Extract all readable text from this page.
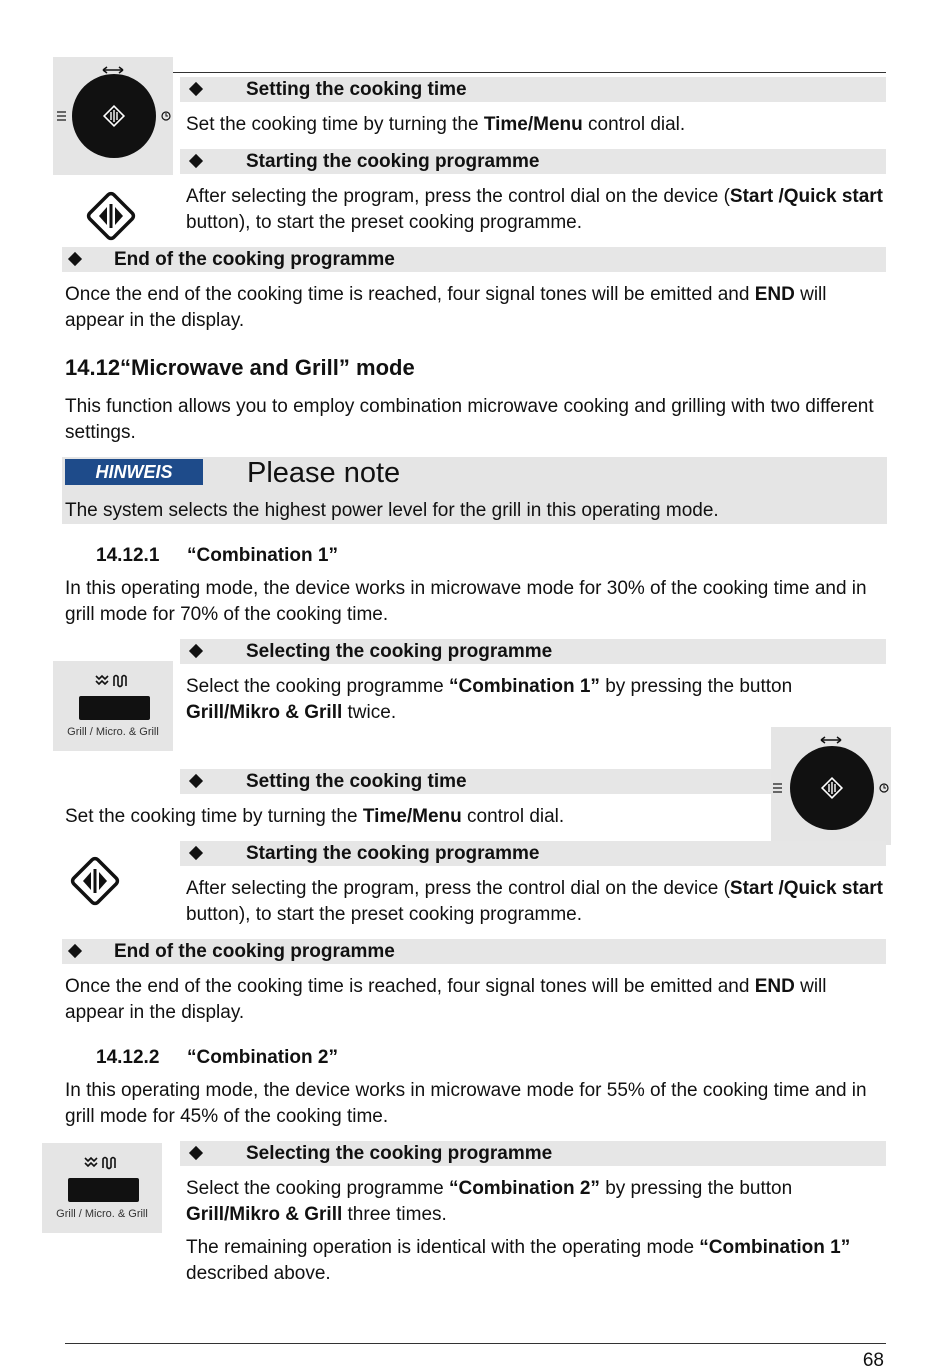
Setting the cooking time
Set the cooking time by turning the Time/Menu control dial.
Starting the cooking programme
After selecting the program, press the control dial on the device (Start /Quick start button), to start the preset cooking programme.
End of the cooking programme
Once the end of the cooking time is reached, four signal tones will be emitted and END will appear in the display.
14.12“Microwave and Grill” mode
This function allows you to employ combination microwave cooking and grilling with two different settings.
HINWEIS	Please note
The system selects the highest power level for the grill in this operating mode.
14.12.1 “Combination 1”
In this operating mode, the device works in microwave mode for 30% of the cooking time and in grill mode for 70% of the cooking time.
Selecting the cooking programme
Grill / Micro. & Grill
Select the cooking programme “Combination 1” by pressing the button
Grill/Mikro & Grill twice.
Setting the cooking time
Set the cooking time by turning the Time/Menu control dial.
Starting the cooking programme
After selecting the program, press the control dial on the device (Start /Quick start button), to start the preset cooking programme.
End of the cooking programme
Once the end of the cooking time is reached, four signal tones will be emitted and END will appear in the display.
14.12.2 “Combination 2”
In this operating mode, the device works in microwave mode for 55% of the cooking time and in grill mode for 45% of the cooking time.
Selecting the cooking programme
Grill / Micro. & Grill
Select the cooking programme “Combination 2” by pressing the button
Grill/Mikro & Grill three times.
The remaining operation is identical with the operating mode “Combination 1” described above.
68
